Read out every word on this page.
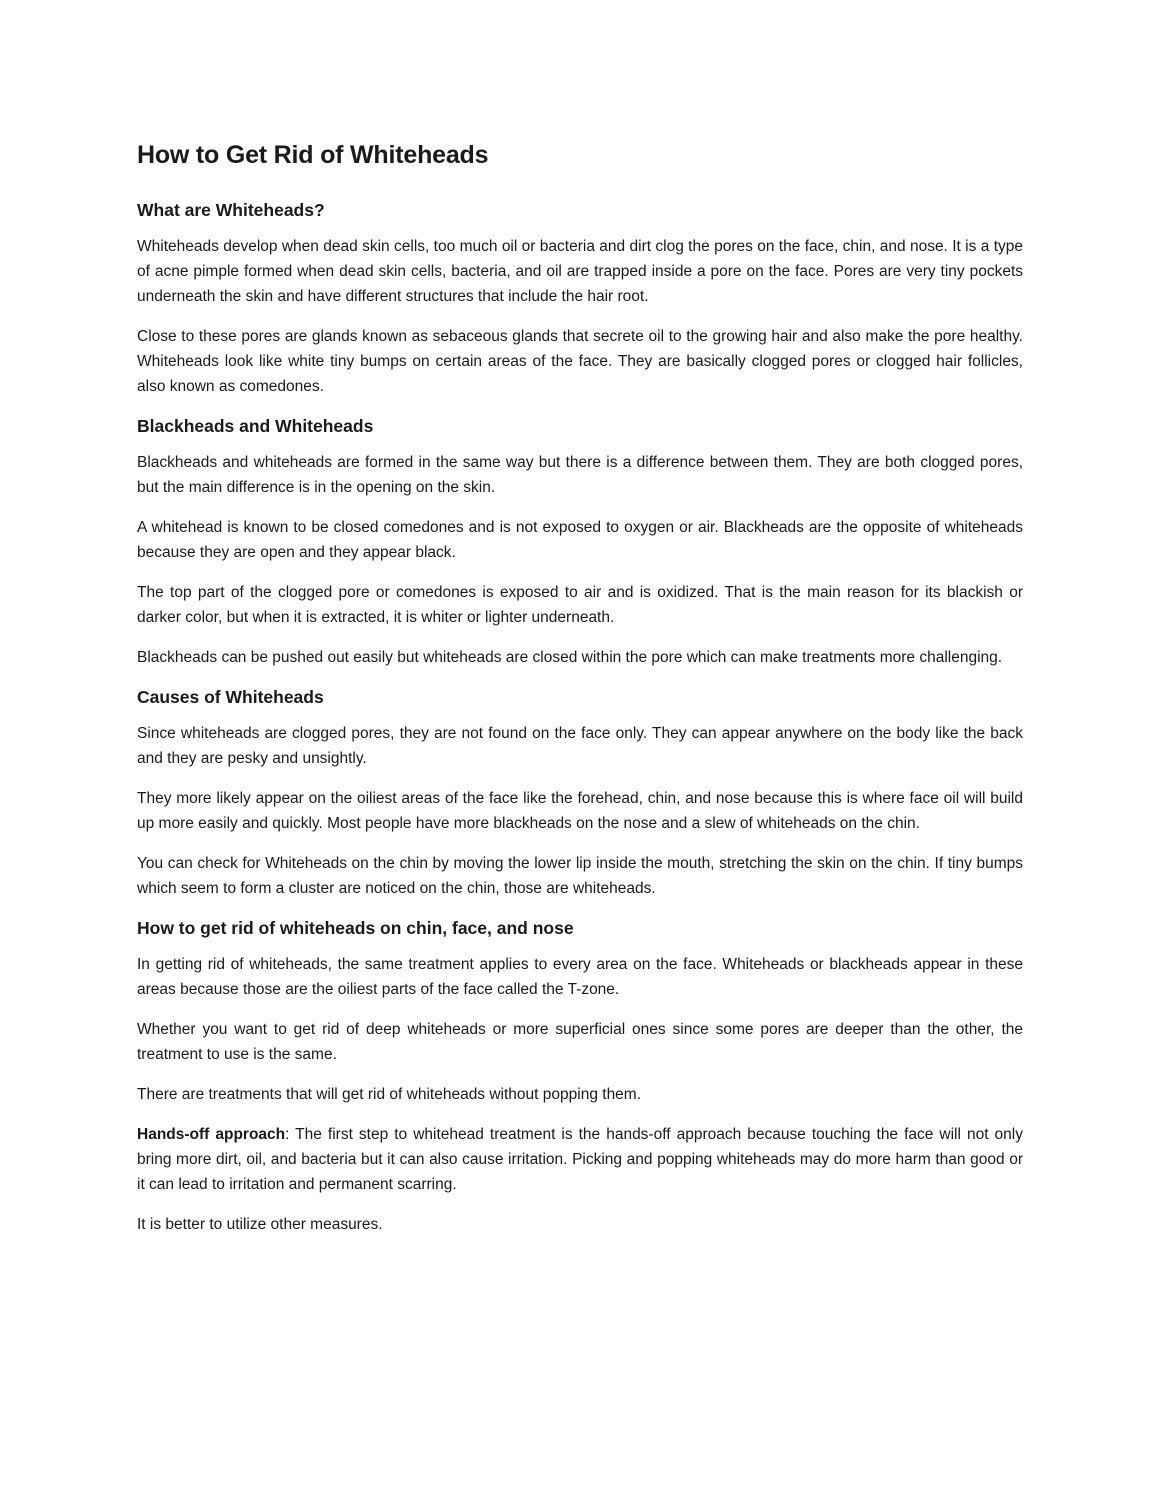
How to Get Rid of Whiteheads
What are Whiteheads?

Whiteheads develop when dead skin cells, too much oil or bacteria and dirt clog the pores on the face, chin, and nose. It is a type of acne pimple formed when dead skin cells, bacteria, and oil are trapped inside a pore on the face. Pores are very tiny pockets underneath the skin and have different structures that include the hair root.

Close to these pores are glands known as sebaceous glands that secrete oil to the growing hair and also make the pore healthy. Whiteheads look like white tiny bumps on certain areas of the face. They are basically clogged pores or clogged hair follicles, also known as comedones.

Blackheads and Whiteheads

Blackheads and whiteheads are formed in the same way but there is a difference between them. They are both clogged pores, but the main difference is in the opening on the skin.

A whitehead is known to be closed comedones and is not exposed to oxygen or air. Blackheads are the opposite of whiteheads because they are open and they appear black.

The top part of the clogged pore or comedones is exposed to air and is oxidized. That is the main reason for its blackish or darker color, but when it is extracted, it is whiter or lighter underneath.

Blackheads can be pushed out easily but whiteheads are closed within the pore which can make treatments more challenging.

Causes of Whiteheads

Since whiteheads are clogged pores, they are not found on the face only. They can appear anywhere on the body like the back and they are pesky and unsightly.

They more likely appear on the oiliest areas of the face like the forehead, chin, and nose because this is where face oil will build up more easily and quickly. Most people have more blackheads on the nose and a slew of whiteheads on the chin.

You can check for Whiteheads on the chin by moving the lower lip inside the mouth, stretching the skin on the chin. If tiny bumps which seem to form a cluster are noticed on the chin, those are whiteheads.

How to get rid of whiteheads on chin, face, and nose

In getting rid of whiteheads, the same treatment applies to every area on the face. Whiteheads or blackheads appear in these areas because those are the oiliest parts of the face called the T-zone.

Whether you want to get rid of deep whiteheads or more superficial ones since some pores are deeper than the other, the treatment to use is the same.

There are treatments that will get rid of whiteheads without popping them.

Hands-off approach: The first step to whitehead treatment is the hands-off approach because touching the face will not only bring more dirt, oil, and bacteria but it can also cause irritation. Picking and popping whiteheads may do more harm than good or it can lead to irritation and permanent scarring.

It is better to utilize other measures.
